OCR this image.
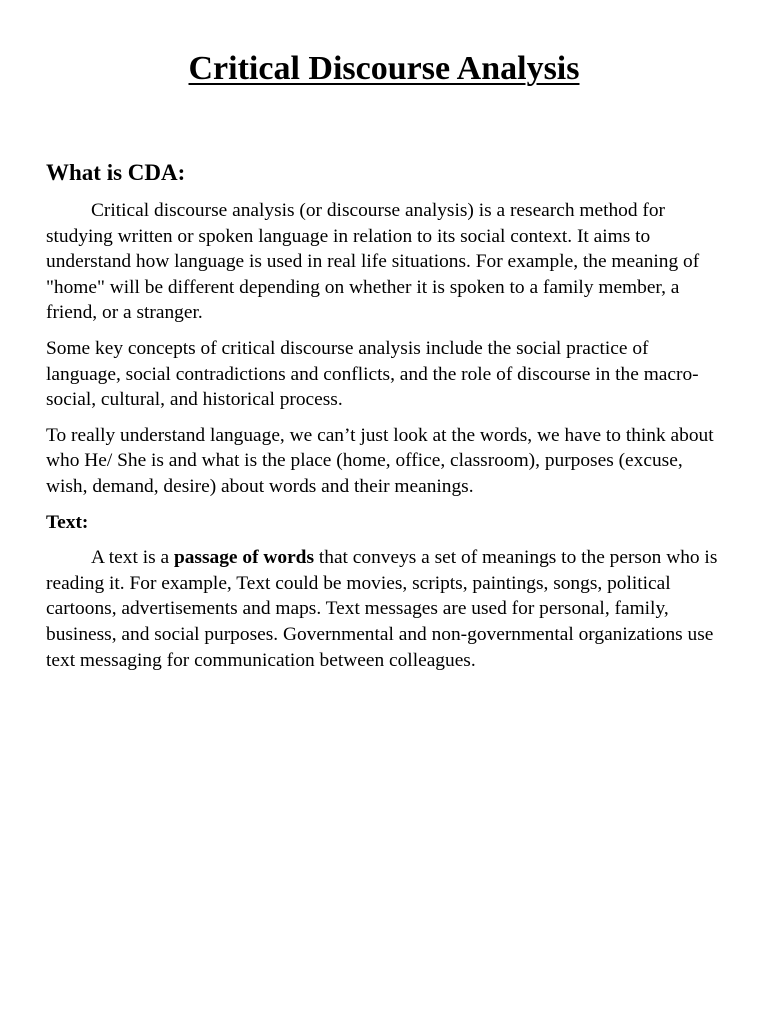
Critical Discourse Analysis
What is CDA:

Critical discourse analysis (or discourse analysis) is a research method for studying written or spoken language in relation to its social context. It aims to understand how language is used in real life situations. For example, the meaning of "home" will be different depending on whether it is spoken to a family member, a friend, or a stranger.

Some key concepts of critical discourse analysis include the social practice of language, social contradictions and conflicts, and the role of discourse in the macro-social, cultural, and historical process.

To really understand language, we can’t just look at the words, we have to think about who He/ She is and what is the place (home, office, classroom), purposes (excuse, wish, demand, desire) about words and their meanings.

Text:

A text is a passage of words that conveys a set of meanings to the person who is reading it. For example, Text could be movies, scripts, paintings, songs, political cartoons, advertisements and maps. Text messages are used for personal, family, business, and social purposes. Governmental and non-governmental organizations use text messaging for communication between colleagues.
